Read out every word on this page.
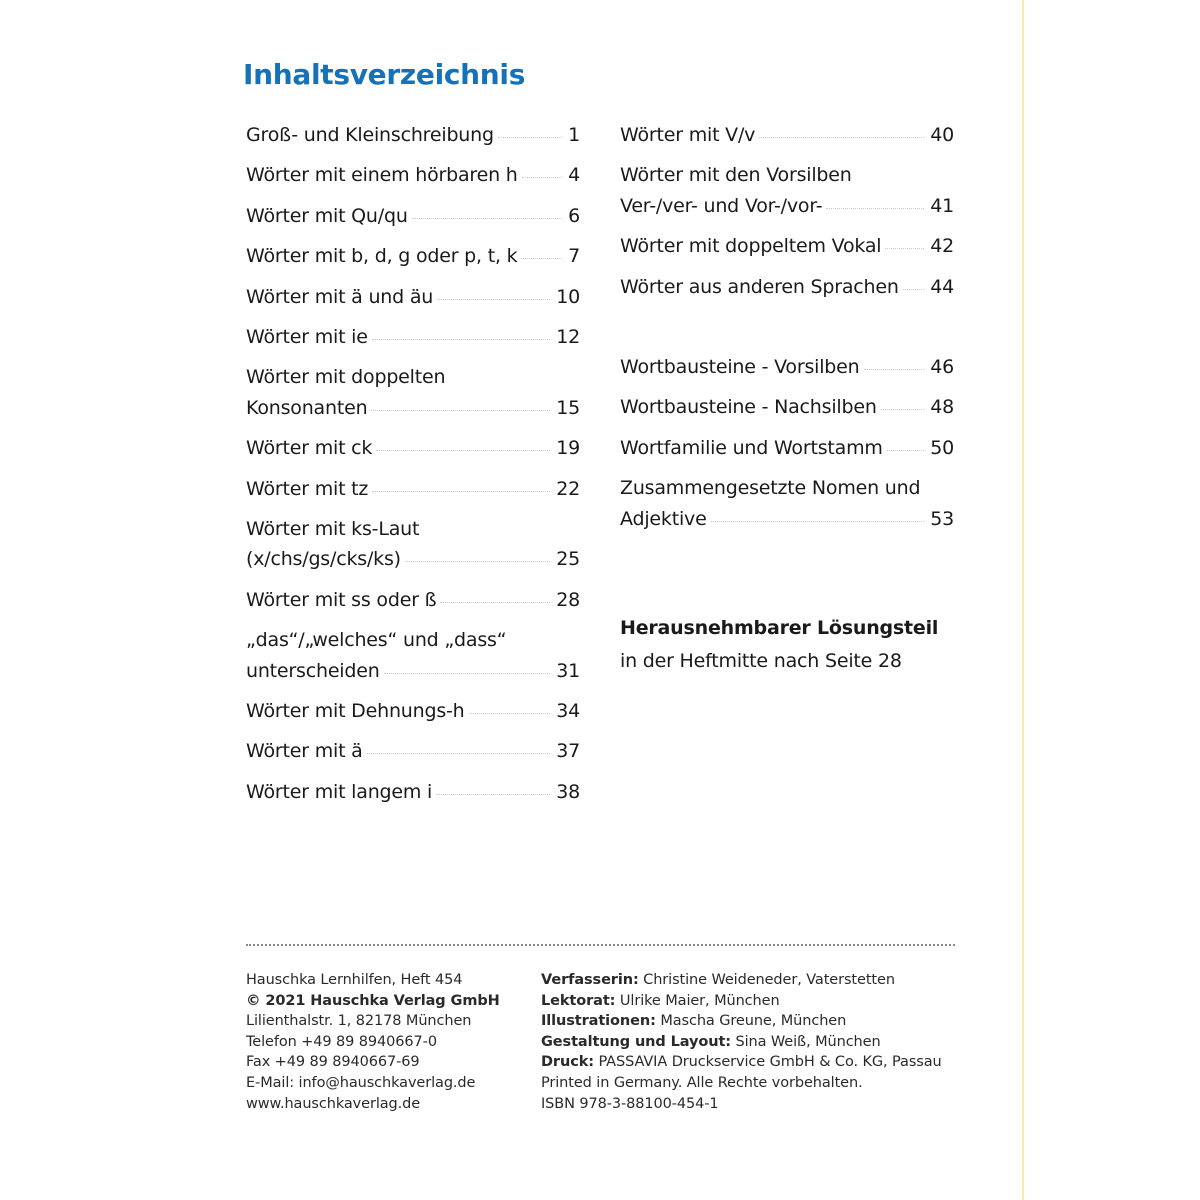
Inhaltsverzeichnis
Groß- und Kleinschreibung	1
Wörter mit einem hörbaren h	4
Wörter mit Qu/qu	6
Wörter mit b, d, g oder p, t, k	7
Wörter mit ä und äu	10
Wörter mit ie	12
Wörter mit doppelten
Konsonanten	15
Wörter mit ck	19
Wörter mit tz	22
Wörter mit ks-Laut
(x/chs/gs/cks/ks)	25
Wörter mit ss oder ß	28
„das“/„welches“ und „dass“
unterscheiden	31
Wörter mit Dehnungs-h	34
Wörter mit ä	37
Wörter mit langem i	38
Wörter mit V/v	40
Wörter mit den Vorsilben
Ver-/ver- und Vor-/vor-	41
Wörter mit doppeltem Vokal	42
Wörter aus anderen Sprachen 44
Wortbausteine - Vorsilben	46
Wortbausteine - Nachsilben	48
Wortfamilie und Wortstamm	50
Zusammengesetzte Nomen und
Adjektive	53
Herausnehmbarer Lösungsteil
in der Heftmitte nach Seite 28
Hauschka Lernhilfen, Heft 454
© 2021 Hauschka Verlag GmbH
Lilienthalstr. 1, 82178 München
Telefon +49 89 8940667-0
Fax +49 89 8940667-69
E-Mail: info@hauschkaverlag.de
www.hauschkaverlag.de
Verfasserin: Christine Weideneder, Vaterstetten
Lektorat: Ulrike Maier, München
Illustrationen: Mascha Greune, München
Gestaltung und Layout: Sina Weiß, München
Druck: PASSAVIA Druckservice GmbH & Co. KG, Passau
Printed in Germany. Alle Rechte vorbehalten.
ISBN 978-3-88100-454-1
